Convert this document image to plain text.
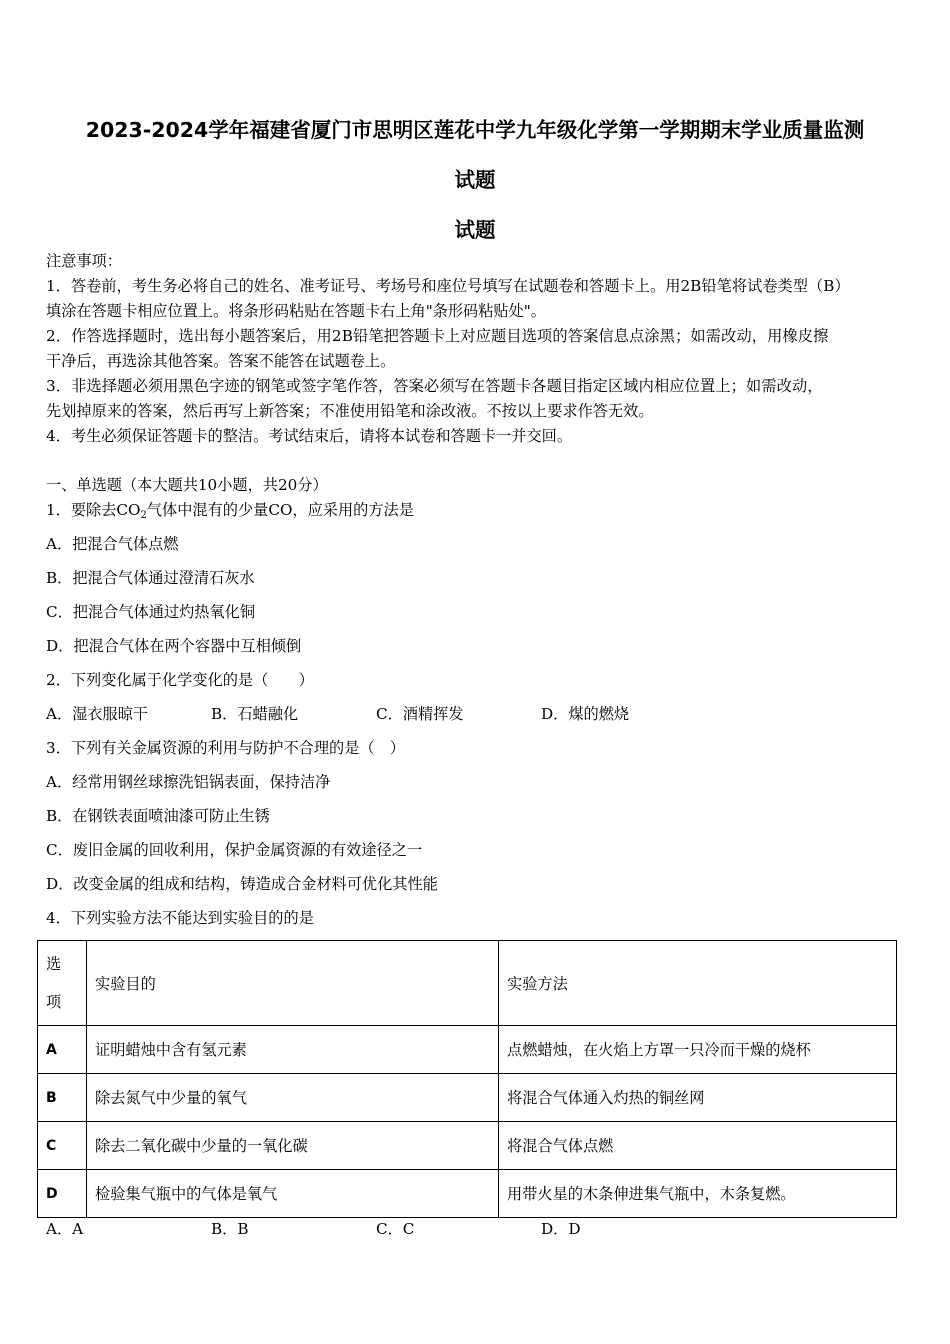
2023-2024学年福建省厦门市思明区莲花中学九年级化学第一学期期末学业质量监测
试题
试题
注意事项：
1．答卷前，考生务必将自己的姓名、准考证号、考场号和座位号填写在试题卷和答题卡上。用2B铅笔将试卷类型（B）
填涂在答题卡相应位置上。将条形码粘贴在答题卡右上角"条形码粘贴处"。
2．作答选择题时，选出每小题答案后，用2B铅笔把答题卡上对应题目选项的答案信息点涂黑；如需改动，用橡皮擦
干净后，再选涂其他答案。答案不能答在试题卷上。
3．非选择题必须用黑色字迹的钢笔或签字笔作答，答案必须写在答题卡各题目指定区域内相应位置上；如需改动，
先划掉原来的答案，然后再写上新答案；不准使用铅笔和涂改液。不按以上要求作答无效。
4．考生必须保证答题卡的整洁。考试结束后，请将本试卷和答题卡一并交回。
一、单选题（本大题共10小题，共20分）
1．要除去$CO_2$气体中混有的少量CO，应采用的方法是
A．把混合气体点燃
B．把混合气体通过澄清石灰水
C．把混合气体通过灼热氧化铜
D．把混合气体在两个容器中互相倾倒
2．下列变化属于化学变化的是（　　）
A．湿衣服晾干	B．石蜡融化	C．酒精挥发	D．煤的燃烧
3．下列有关金属资源的利用与防护不合理的是（　）
A．经常用钢丝球擦洗铝锅表面，保持洁净
B．在钢铁表面喷油漆可防止生锈
C．废旧金属的回收利用，保护金属资源的有效途径之一
D．改变金属的组成和结构，铸造成合金材料可优化其性能
4．下列实验方法不能达到实验目的的是
选
项	实验目的	实验方法
A	证明蜡烛中含有氢元素	点燃蜡烛，在火焰上方罩一只冷而干燥的烧杯
B	除去氮气中少量的氧气	将混合气体通入灼热的铜丝网
C	除去二氧化碳中少量的一氧化碳	将混合气体点燃
D	检验集气瓶中的气体是氧气	用带火星的木条伸进集气瓶中，木条复燃。
A．A	B．B	C．C	D．D
